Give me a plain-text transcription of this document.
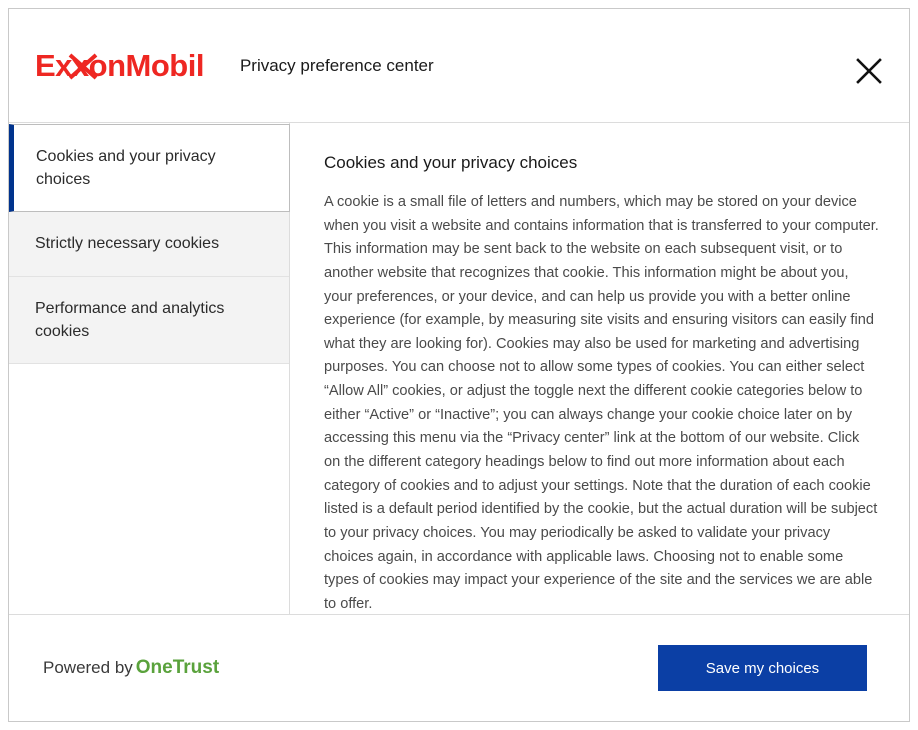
ExxonMobil Privacy preference center
Cookies and your privacy choices
Strictly necessary cookies
Performance and analytics cookies
Cookies and your privacy choices

A cookie is a small file of letters and numbers, which may be stored on your device when you visit a website and contains information that is transferred to your computer. This information may be sent back to the website on each subsequent visit, or to another website that recognizes that cookie. This information might be about you, your preferences, or your device, and can help us provide you with a better online experience (for example, by measuring site visits and ensuring visitors can easily find what they are looking for). Cookies may also be used for marketing and advertising purposes. You can choose not to allow some types of cookies. You can either select “Allow All” cookies, or adjust the toggle next the different cookie categories below to either “Active” or “Inactive”; you can always change your cookie choice later on by accessing this menu via the “Privacy center” link at the bottom of our website. Click on the different category headings below to find out more information about each category of cookies and to adjust your settings. Note that the duration of each cookie listed is a default period identified by the cookie, but the actual duration will be subject to your privacy choices. You may periodically be asked to validate your privacy choices again, in accordance with applicable laws. Choosing not to enable some types of cookies may impact your experience of the site and the services we are able to offer.

Powered by OneTrust	Save my choices
